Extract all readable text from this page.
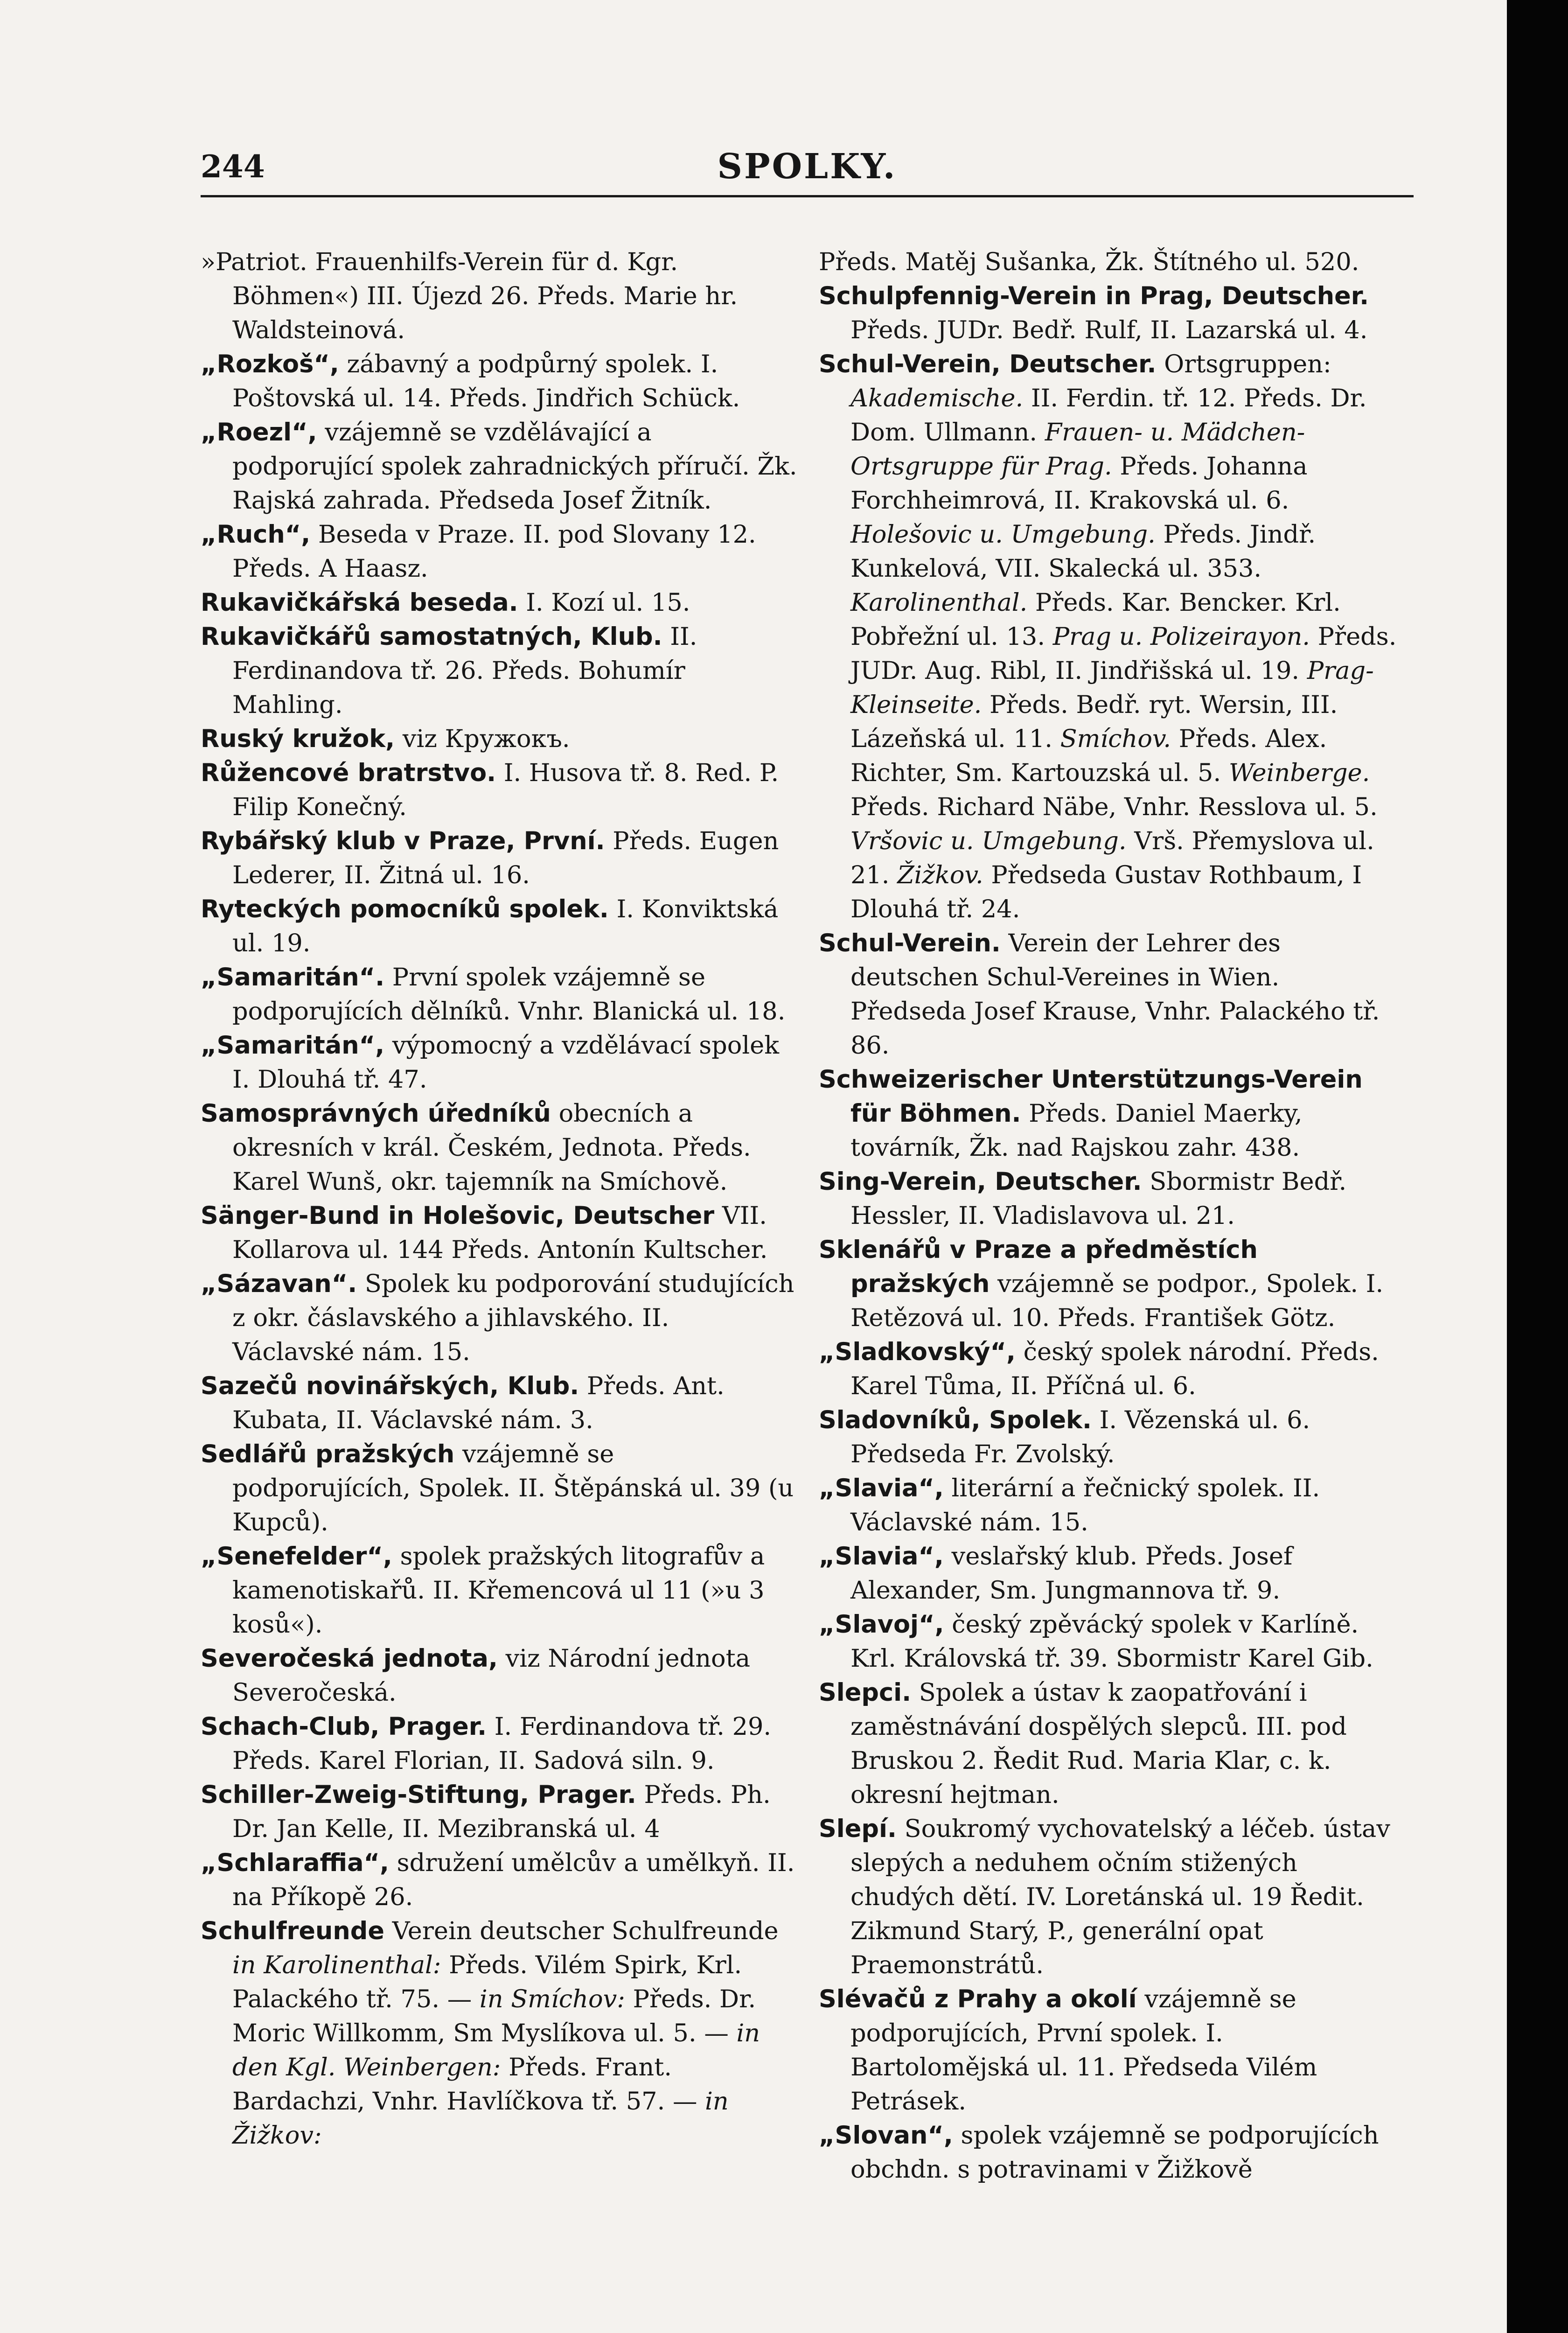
244	SPOLKY.

»Patriot. Frauenhilfs-Verein für d. Kgr. Böhmen«) III. Újezd 26. Předs. Marie hr. Waldsteinová.

„Rozkoš“, zábavný a podpůrný spolek. I. Poštovská ul. 14. Předs. Jindřich Schück.

„Roezl“, vzájemně se vzdělávající a podporující spolek zahradnických příručí. Žk. Rajská zahrada. Předseda Josef Žitník.

„Ruch“, Beseda v Praze. II. pod Slovany 12. Předs. A Haasz.

Rukavičkářská beseda. I. Kozí ul. 15.

Rukavičkářů samostatných, Klub. II. Ferdinandova tř. 26. Předs. Bohumír Mahling.

Ruský kružok, viz Кружокъ.

Růžencové bratrstvo. I. Husova tř. 8. Red. P. Filip Konečný.

Rybářský klub v Praze, První. Předs. Eugen Lederer, II. Žitná ul. 16.

Ryteckých pomocníků spolek. I. Konviktská ul. 19.

„Samaritán“. První spolek vzájemně se podporujících dělníků. Vnhr. Blanická ul. 18.

„Samaritán“, výpomocný a vzdělávací spolek I. Dlouhá tř. 47.

Samosprávných úředníků obecních a okresních v král. Českém, Jednota. Předs. Karel Wunš, okr. tajemník na Smíchově.

Sänger-Bund in Holešovic, Deutscher VII. Kollarova ul. 144 Předs. Antonín Kultscher.

„Sázavan“. Spolek ku podporování studujících z okr. čáslavského a jihlavského. II. Václavské nám. 15.

Sazečů novinářských, Klub. Předs. Ant. Kubata, II. Václavské nám. 3.

Sedlářů pražských vzájemně se podporujících, Spolek. II. Štěpánská ul. 39 (u Kupců).

„Senefelder“, spolek pražských litografův a kamenotiskařů. II. Křemencová ul 11 (»u 3 kosů«).

Severočeská jednota, viz Národní jednota Severočeská.

Schach-Club, Prager. I. Ferdinandova tř. 29. Předs. Karel Florian, II. Sadová siln. 9.

Schiller-Zweig-Stiftung, Prager. Předs. Ph. Dr. Jan Kelle, II. Mezibranská ul. 4

„Schlaraffia“, sdružení umělcův a umělkyň. II. na Příkopě 26.

Schulfreunde Verein deutscher Schulfreunde in Karolinenthal: Předs. Vilém Spirk, Krl. Palackého tř. 75. — in Smíchov: Předs. Dr. Moric Willkomm, Sm Myslíkova ul. 5. — in den Kgl. Weinbergen: Předs. Frant. Bardachzi, Vnhr. Havlíčkova tř. 57. — in Žižkov:

Předs. Matěj Sušanka, Žk. Štítného ul. 520.

Schulpfennig-Verein in Prag, Deutscher. Předs. JUDr. Bedř. Rulf, II. Lazarská ul. 4.

Schul-Verein, Deutscher. Ortsgruppen: Akademische. II. Ferdin. tř. 12. Předs. Dr. Dom. Ullmann. Frauen- u. Mädchen-Ortsgruppe für Prag. Předs. Johanna Forchheimrová, II. Krakovská ul. 6. Holešovic u. Umgebung. Předs. Jindř. Kunkelová, VII. Skalecká ul. 353. Karolinenthal. Předs. Kar. Bencker. Krl. Pobřežní ul. 13. Prag u. Polizeirayon. Předs. JUDr. Aug. Ribl, II. Jindřišská ul. 19. Prag-Kleinseite. Předs. Bedř. ryt. Wersin, III. Lázeňská ul. 11. Smíchov. Předs. Alex. Richter, Sm. Kartouzská ul. 5. Weinberge. Předs. Richard Näbe, Vnhr. Resslova ul. 5. Vršovic u. Umgebung. Vrš. Přemyslova ul. 21. Žižkov. Předseda Gustav Rothbaum, I Dlouhá tř. 24.

Schul-Verein. Verein der Lehrer des deutschen Schul-Vereines in Wien. Předseda Josef Krause, Vnhr. Palackého tř. 86.

Schweizerischer Unterstützungs-Verein für Böhmen. Předs. Daniel Maerky, továrník, Žk. nad Rajskou zahr. 438.

Sing-Verein, Deutscher. Sbormistr Bedř. Hessler, II. Vladislavova ul. 21.

Sklenářů v Praze a předměstích pražských vzájemně se podpor., Spolek. I. Retězová ul. 10. Předs. František Götz.

„Sladkovský“, český spolek národní. Předs. Karel Tůma, II. Příčná ul. 6.

Sladovníků, Spolek. I. Vězenská ul. 6. Předseda Fr. Zvolský.

„Slavia“, literární a řečnický spolek. II. Václavské nám. 15.

„Slavia“, veslařský klub. Předs. Josef Alexander, Sm. Jungmannova tř. 9.

„Slavoj“, český zpěvácký spolek v Karlíně. Krl. Královská tř. 39. Sbormistr Karel Gib.

Slepci. Spolek a ústav k zaopatřování i zaměstnávání dospělých slepců. III. pod Bruskou 2. Ředit Rud. Maria Klar, c. k. okresní hejtman.

Slepí. Soukromý vychovatelský a léčeb. ústav slepých a neduhem očním stižených chudých dětí. IV. Loretánská ul. 19 Ředit. Zikmund Starý, P., generální opat Praemonstrátů.

Slévačů z Prahy a okolí vzájemně se podporujících, První spolek. I. Bartolomějská ul. 11. Předseda Vilém Petrásek.

„Slovan“, spolek vzájemně se podporujících obchdn. s potravinami v Žižkově
